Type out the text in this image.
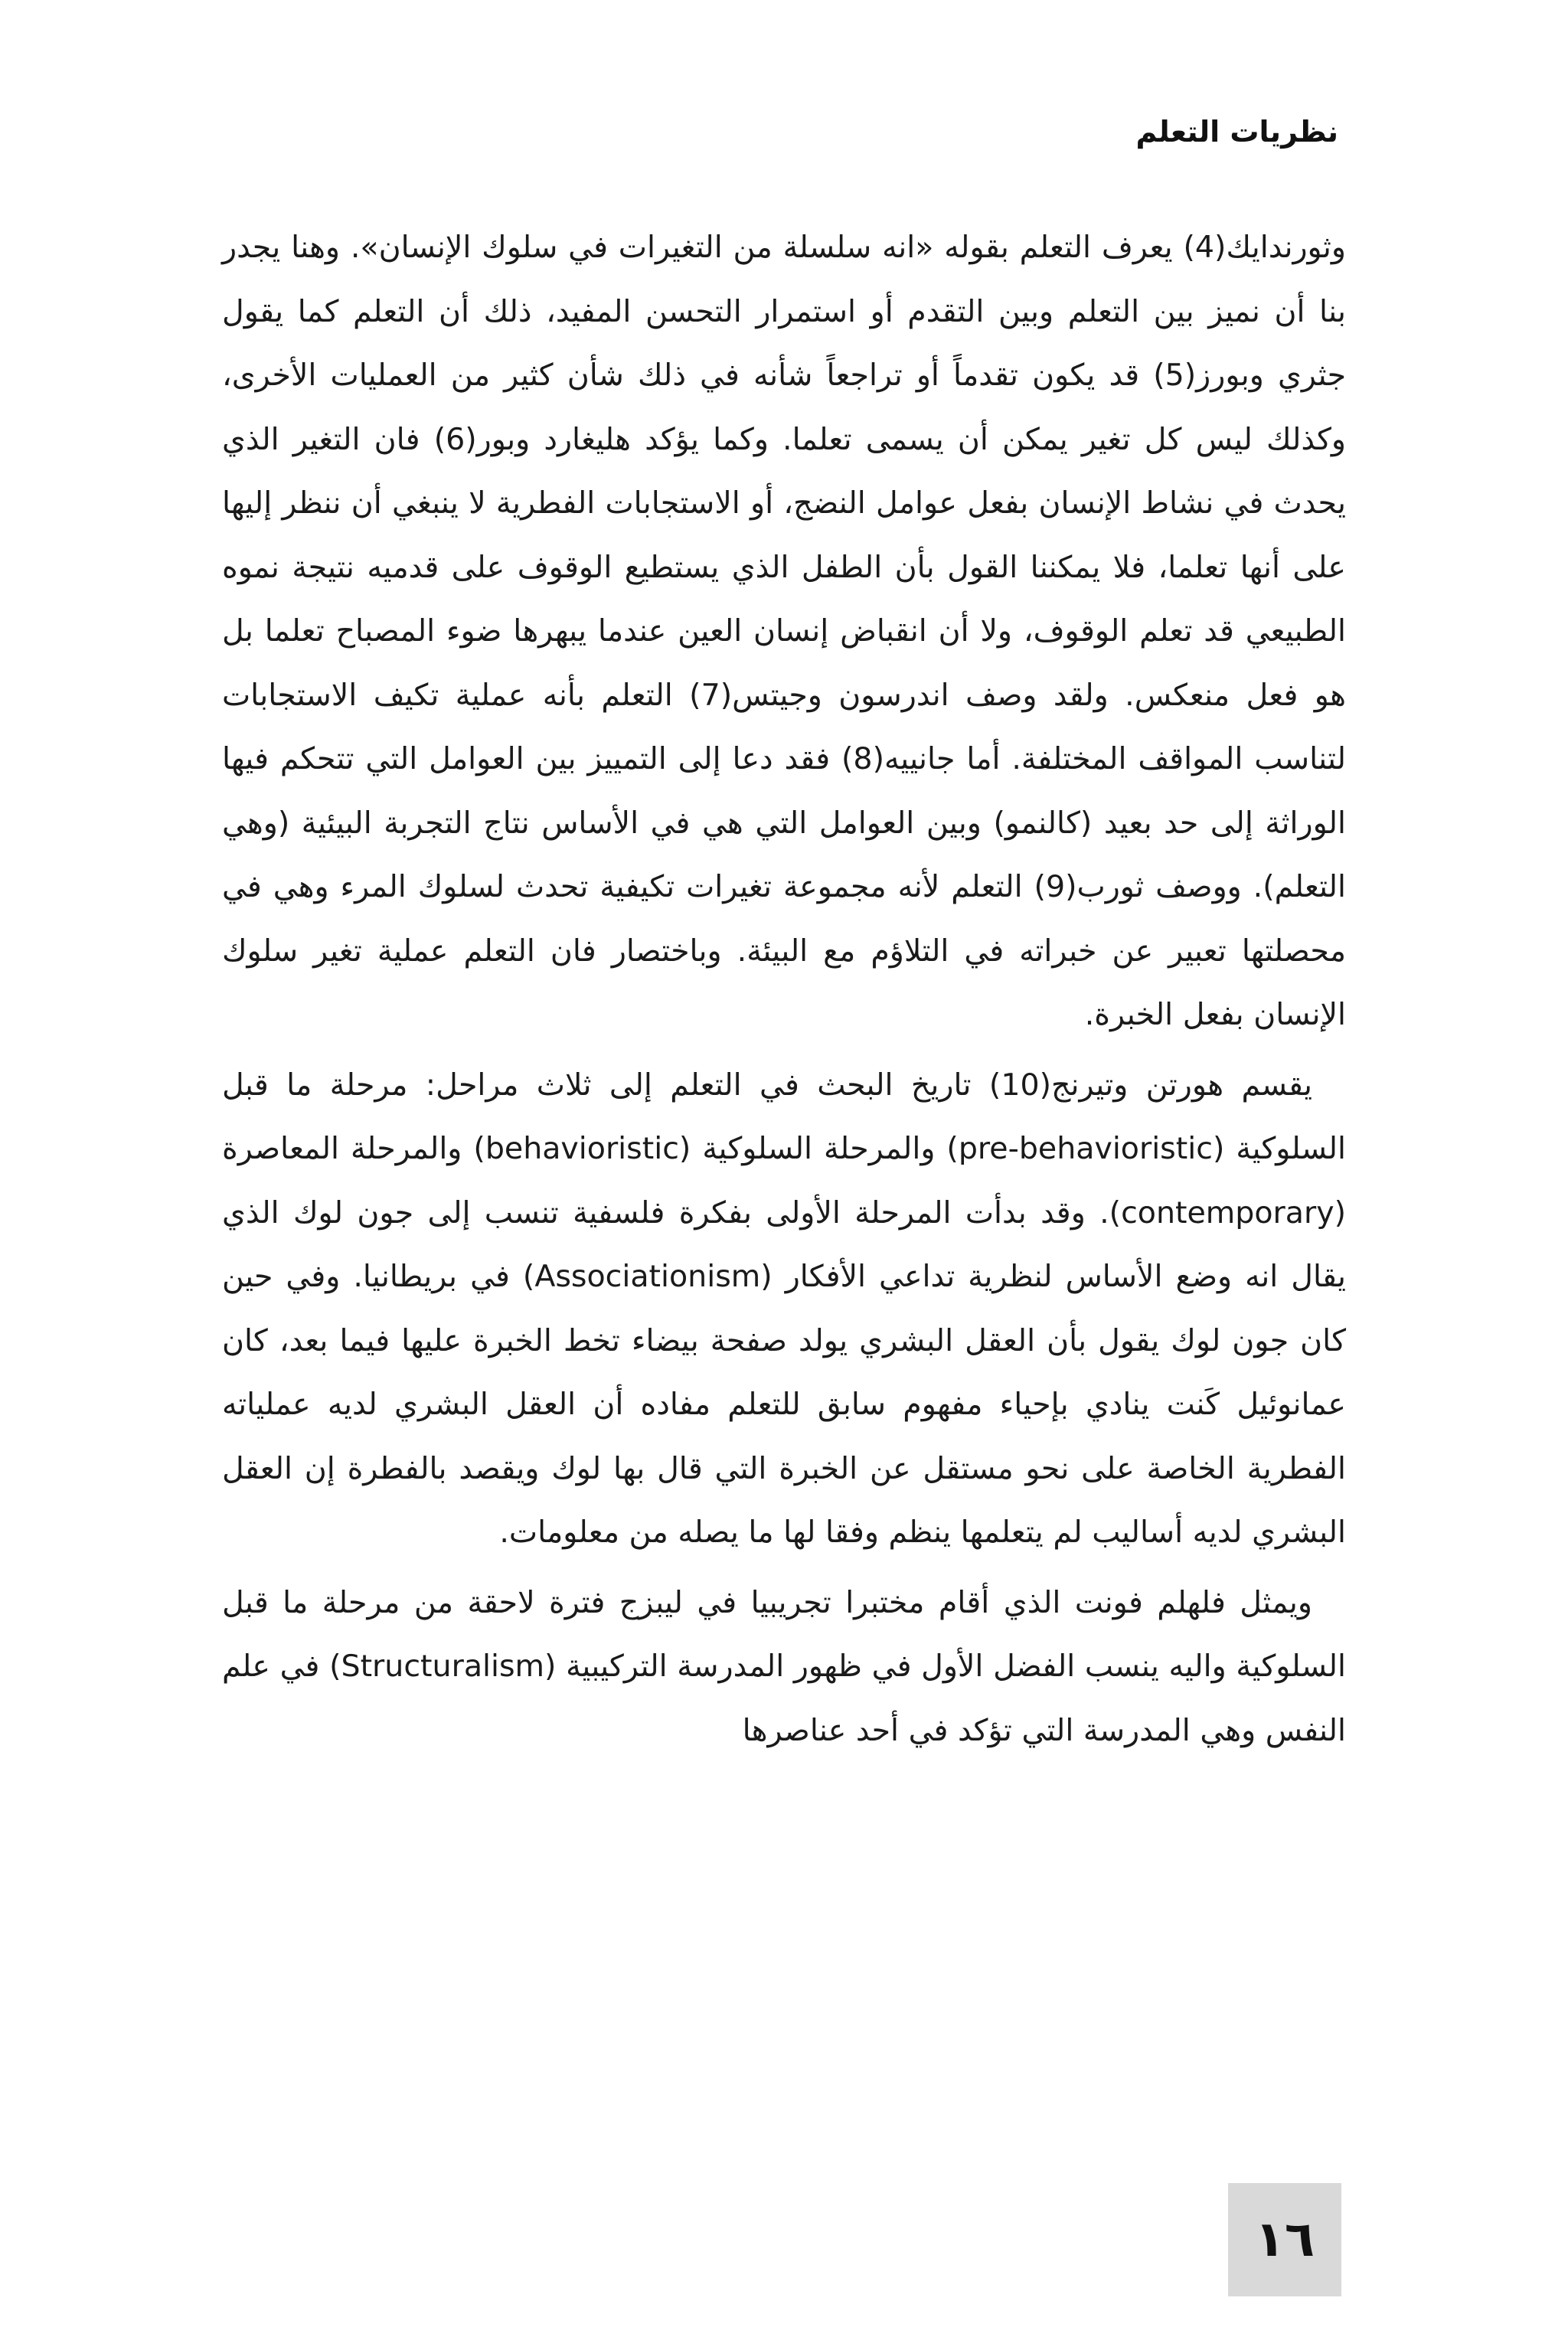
نظريات التعلم

وثورندايك(4) يعرف التعلم بقوله «انه سلسلة من التغيرات في سلوك الإنسان». وهنا يجدر بنا أن نميز بين التعلم وبين التقدم أو استمرار التحسن المفيد، ذلك أن التعلم كما يقول جثري وبورز(5) قد يكون تقدماً أو تراجعاً شأنه في ذلك شأن كثير من العمليات الأخرى، وكذلك ليس كل تغير يمكن أن يسمى تعلما. وكما يؤكد هليغارد وبور(6) فان التغير الذي يحدث في نشاط الإنسان بفعل عوامل النضج، أو الاستجابات الفطرية لا ينبغي أن ننظر إليها على أنها تعلما، فلا يمكننا القول بأن الطفل الذي يستطيع الوقوف على قدميه نتيجة نموه الطبيعي قد تعلم الوقوف، ولا أن انقباض إنسان العين عندما يبهرها ضوء المصباح تعلما بل هو فعل منعكس. ولقد وصف اندرسون وجيتس(7) التعلم بأنه عملية تكيف الاستجابات لتناسب المواقف المختلفة. أما جانييه(8) فقد دعا إلى التمييز بين العوامل التي تتحكم فيها الوراثة إلى حد بعيد (كالنمو) وبين العوامل التي هي في الأساس نتاج التجربة البيئية (وهي التعلم). ووصف ثورب(9) التعلم لأنه مجموعة تغيرات تكيفية تحدث لسلوك المرء وهي في محصلتها تعبير عن خبراته في التلاؤم مع البيئة. وباختصار فان التعلم عملية تغير سلوك الإنسان بفعل الخبرة.

يقسم هورتن وتيرنج(10) تاريخ البحث في التعلم إلى ثلاث مراحل: مرحلة ما قبل السلوكية (pre-behavioristic) والمرحلة السلوكية (behavioristic) والمرحلة المعاصرة (contemporary). وقد بدأت المرحلة الأولى بفكرة فلسفية تنسب إلى جون لوك الذي يقال انه وضع الأساس لنظرية تداعي الأفكار (Associationism) في بريطانيا. وفي حين كان جون لوك يقول بأن العقل البشري يولد صفحة بيضاء تخط الخبرة عليها فيما بعد، كان عمانوئيل كَنت ينادي بإحياء مفهوم سابق للتعلم مفاده أن العقل البشري لديه عملياته الفطرية الخاصة على نحو مستقل عن الخبرة التي قال بها لوك ويقصد بالفطرة إن العقل البشري لديه أساليب لم يتعلمها ينظم وفقا لها ما يصله من معلومات.

ويمثل فلهلم فونت الذي أقام مختبرا تجريبيا في ليبزج فترة لاحقة من مرحلة ما قبل السلوكية واليه ينسب الفضل الأول في ظهور المدرسة التركيبية (Structuralism) في علم النفس وهي المدرسة التي تؤكد في أحد عناصرها

١٦
